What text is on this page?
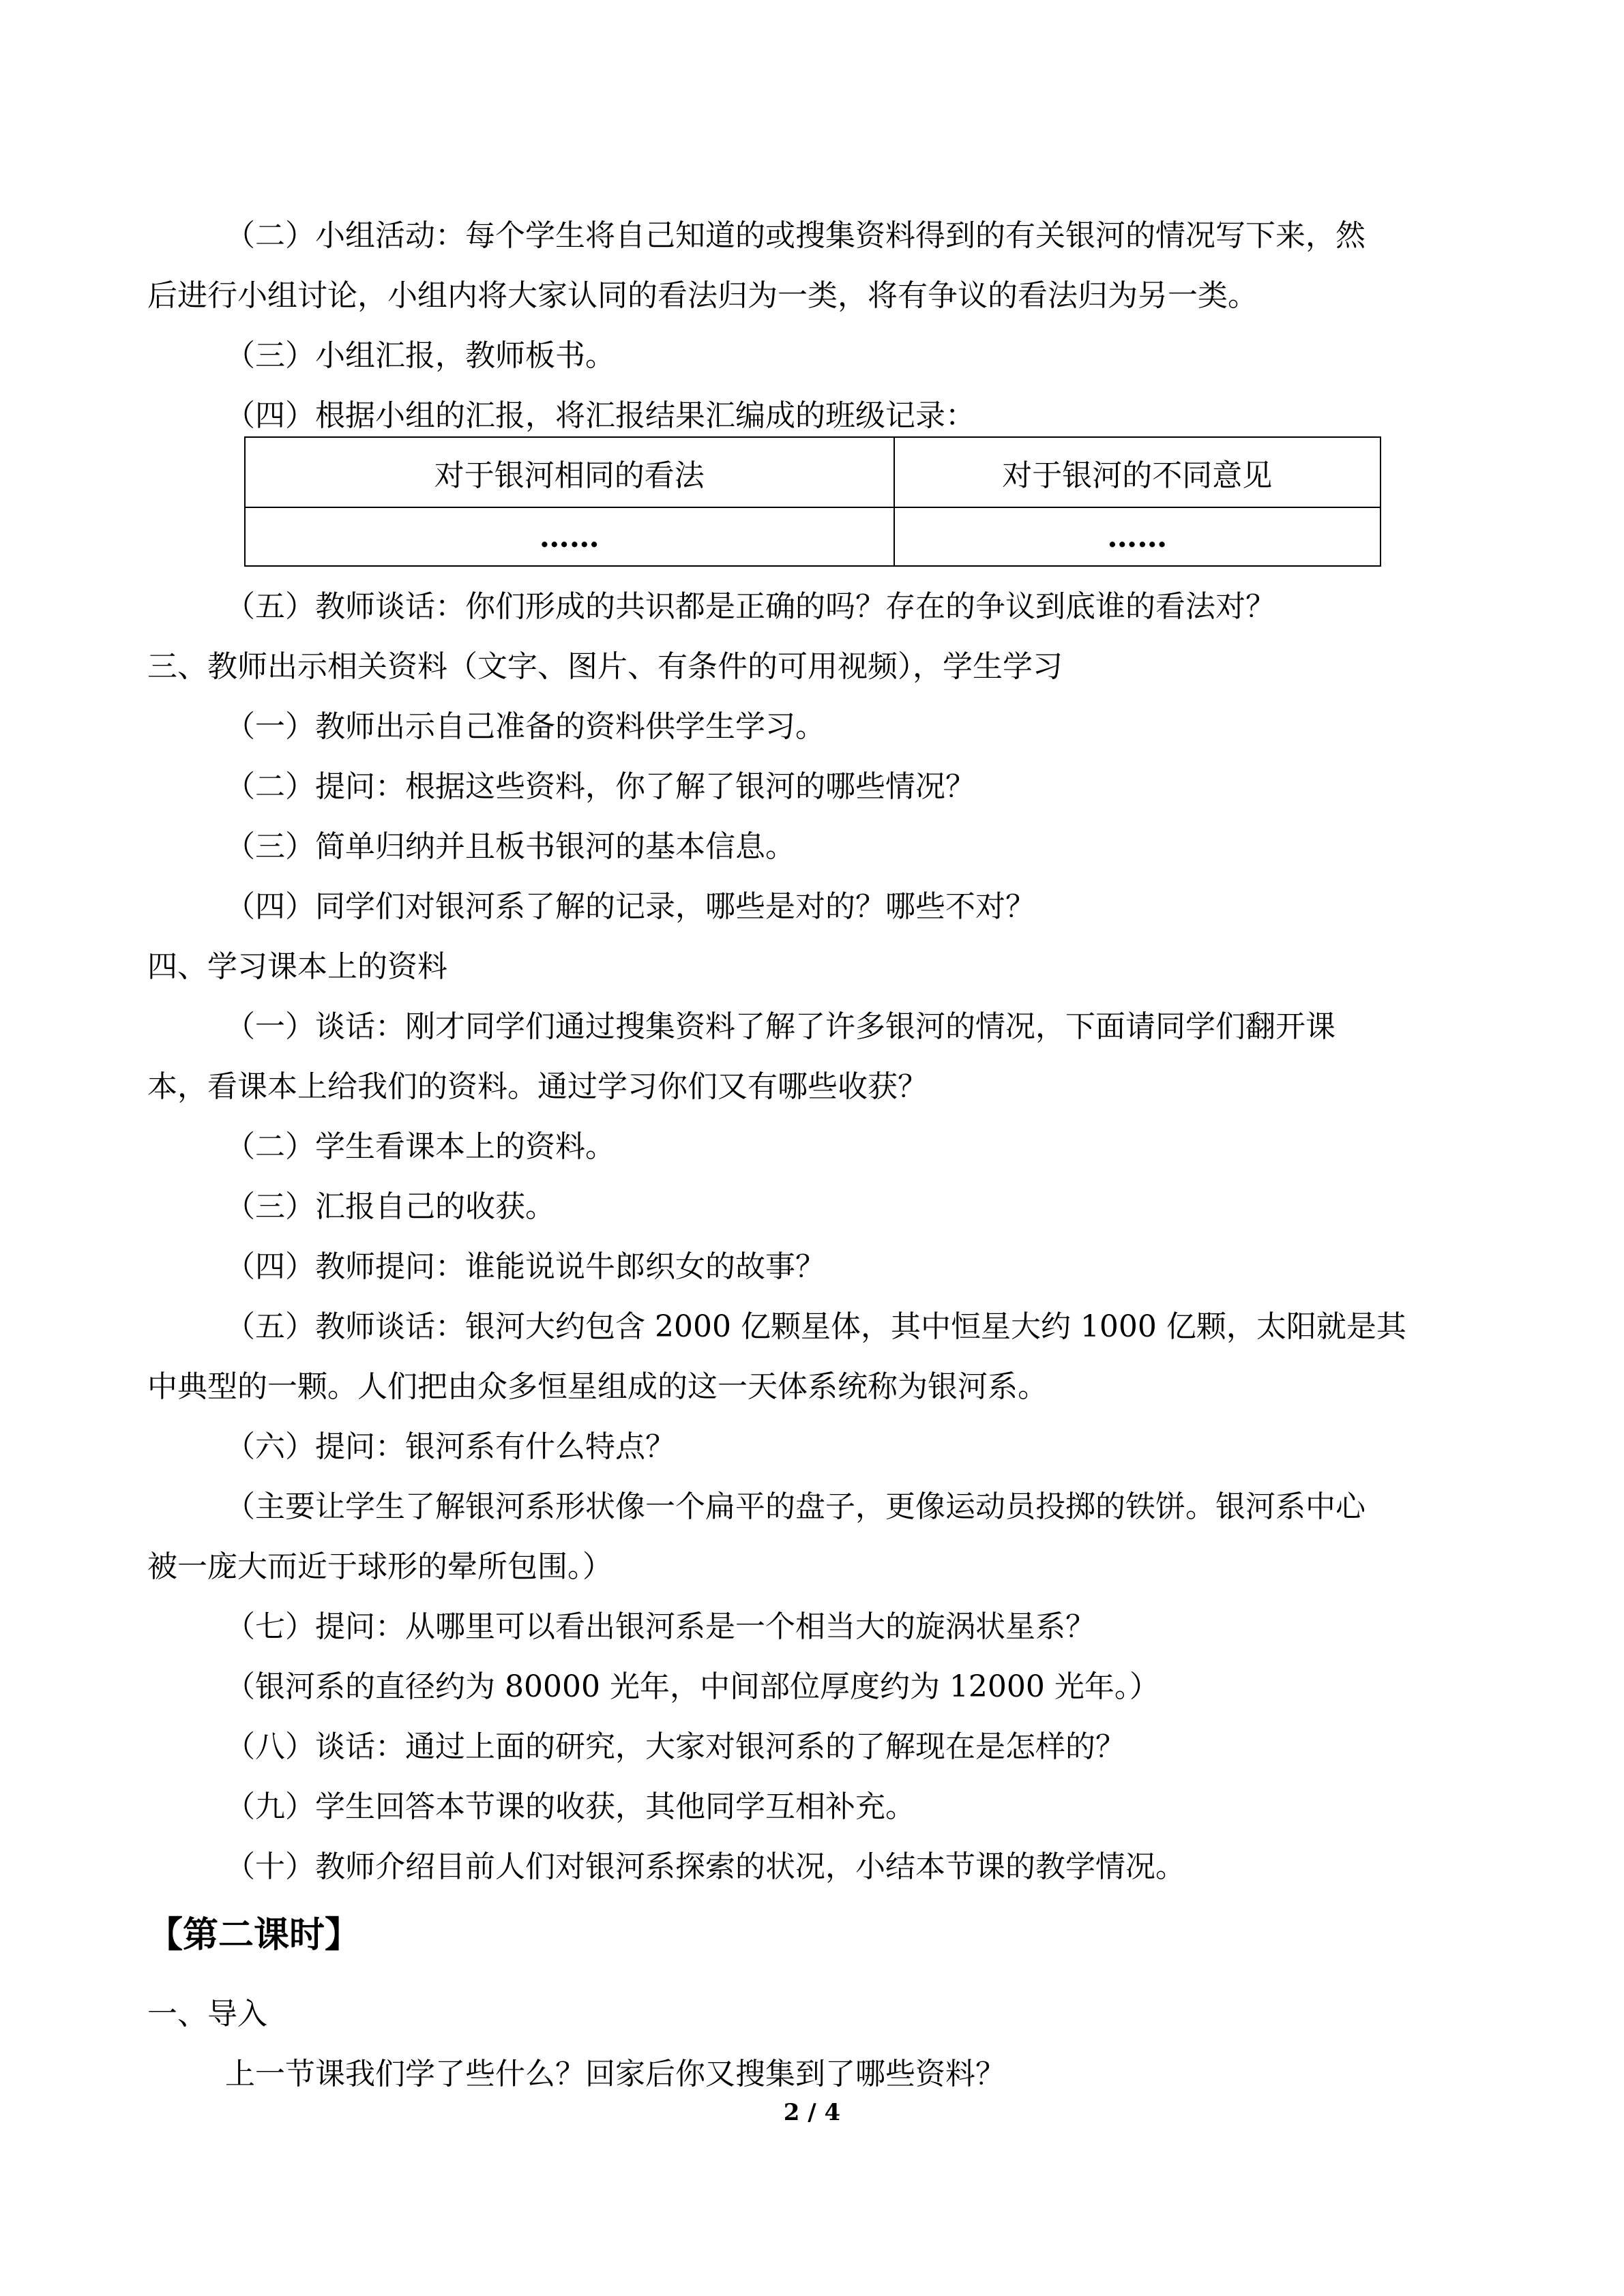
（二）小组活动：每个学生将自己知道的或搜集资料得到的有关银河的情况写下来，然
后进行小组讨论，小组内将大家认同的看法归为一类，将有争议的看法归为另一类。
（三）小组汇报，教师板书。
（四）根据小组的汇报，将汇报结果汇编成的班级记录：
对于银河相同的看法	对于银河的不同意见
……	……
（五）教师谈话：你们形成的共识都是正确的吗？存在的争议到底谁的看法对？
三、教师出示相关资料（文字、图片、有条件的可用视频），学生学习
（一）教师出示自己准备的资料供学生学习。
（二）提问：根据这些资料，你了解了银河的哪些情况？
（三）简单归纳并且板书银河的基本信息。
（四）同学们对银河系了解的记录，哪些是对的？哪些不对？
四、学习课本上的资料
（一）谈话：刚才同学们通过搜集资料了解了许多银河的情况，下面请同学们翻开课
本，看课本上给我们的资料。通过学习你们又有哪些收获？
（二）学生看课本上的资料。
（三）汇报自己的收获。
（四）教师提问：谁能说说牛郎织女的故事？
（五）教师谈话：银河大约包含 2000 亿颗星体，其中恒星大约 1000 亿颗，太阳就是其
中典型的一颗。人们把由众多恒星组成的这一天体系统称为银河系。
（六）提问：银河系有什么特点？
（主要让学生了解银河系形状像一个扁平的盘子，更像运动员投掷的铁饼。银河系中心
被一庞大而近于球形的晕所包围。）
（七）提问：从哪里可以看出银河系是一个相当大的旋涡状星系？
（银河系的直径约为 80000 光年，中间部位厚度约为 12000 光年。）
（八）谈话：通过上面的研究，大家对银河系的了解现在是怎样的？
（九）学生回答本节课的收获，其他同学互相补充。
（十）教师介绍目前人们对银河系探索的状况，小结本节课的教学情况。
【第二课时】
一、导入
上一节课我们学了些什么？回家后你又搜集到了哪些资料？
2 / 4
